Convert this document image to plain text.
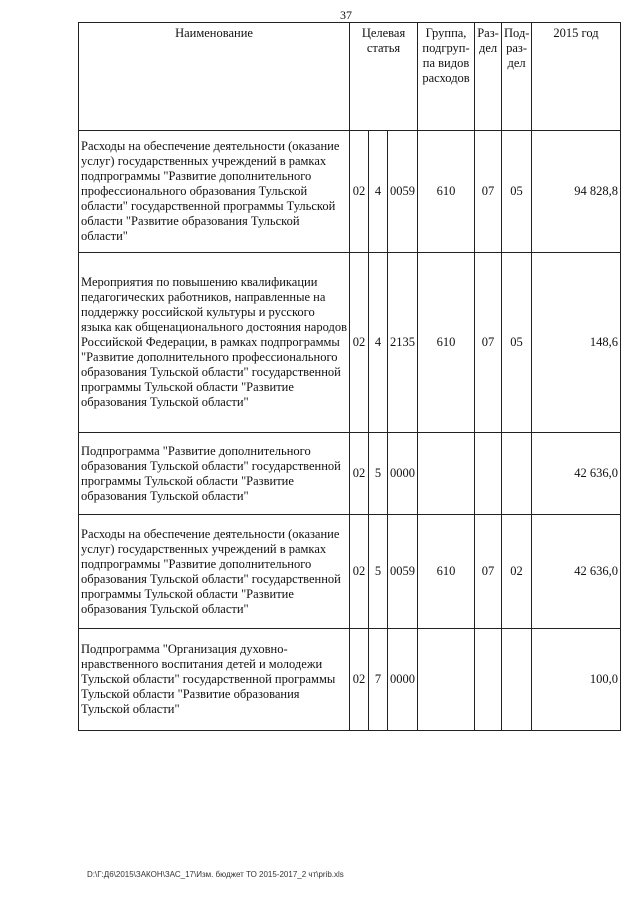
37
Наименование	Целевая статья			Группа, подгруп-па видов расходов	Раз-дел	Под-раз-дел	2015 год
Расходы на обеспечение деятельности (оказание услуг) государственных учреждений в рамках подпрограммы "Развитие дополнительного профессионального образования Тульской области" государственной программы Тульской области "Развитие образования Тульской области"	02	4	0059	610	07	05	94 828,8
Мероприятия по повышению квалификации педагогических работников, направленные на поддержку российской культуры и русского языка как общенационального достояния народов Российской Федерации, в рамках подпрограммы "Развитие дополнительного профессионального образования Тульской области" государственной программы Тульской области "Развитие образования Тульской области"	02	4	2135	610	07	05	148,6
Подпрограмма "Развитие дополнительного образования Тульской области" государственной программы Тульской области "Развитие образования Тульской области"	02	5	0000				42 636,0
Расходы на обеспечение деятельности (оказание услуг) государственных учреждений в рамках подпрограммы "Развитие дополнительного образования Тульской области" государственной программы Тульской области "Развитие образования Тульской области"	02	5	0059	610	07	02	42 636,0
Подпрограмма "Организация духовно-нравственного воспитания детей и молодежи Тульской области" государственной программы Тульской области "Развитие образования Тульской области"	02	7	0000				100,0
D:\Г:Д6\2015\ЗАКОН\ЗАС_17\Изм. бюджет ТО 2015-2017_2 чт\prib.xls
